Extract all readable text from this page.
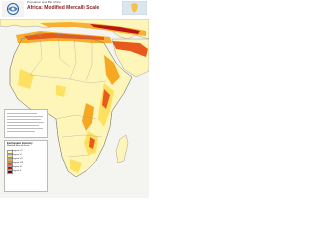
Population and Bin Africa
Africa: Modified Mercalli Scale
Earthquake Intensity
Modified Mercalli Scale
Degree I-V
Degree VI
Degree VII
Degree VIII
Degree IX
Degree X
